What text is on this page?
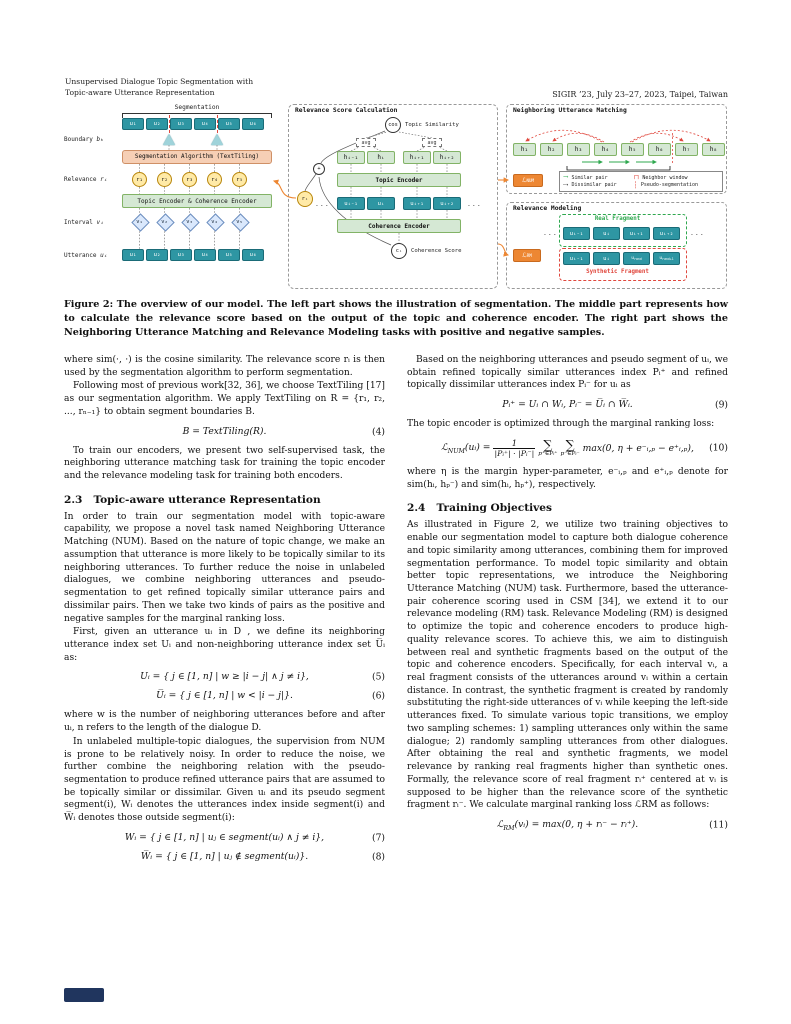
Unsupervised Dialogue Topic Segmentation with
Topic-aware Utterance Representation	SIGIR ’23, July 23–27, 2023, Taipei, Taiwan
Segmentation
u₁	u₂	u₃	u₄	u₅	u₆
Boundary bₖ
Segmentation Algorithm (TextTiling)
Relevance rᵢ	r₁	r₂	r₃	r₄	r₅
Topic Encoder & Coherence Encoder
Interval vᵢ	v₁	v₂	v₃	v₄	v₅
Utterance uᵢ	u₁	u₂	u₃	u₄	u₅	u₆
Relevance Score Calculation
cos	Topic Similarity
avg	avg
hᵢ₋₁	hᵢ	hᵢ₊₁	hᵢ₊₂
Topic Encoder
...	uᵢ₋₁	uᵢ	uᵢ₊₁	uᵢ₊₂	...
Coherence Encoder
cᵢ	Coherence Score
+
rᵢ
Neighboring Utterance Matching
h₁	h₂	h₃	h₄	h₅	h₆	h₇	h₈
→ Similar pair	⊓ Neighbor window
⇢ Dissimilar pair	┆ Pseudo-segmentation
ℒ NUM
Relevance Modeling
Real Fragment
...	uᵢ₋₁	uᵢ	uᵢ₊₁	uᵢ₊₂	...
uᵢ₋₁	uᵢ	u rand	u rand+1
Synthetic Fragment
ℒ RM
Figure 2: The overview of our model. The left part shows the illustration of segmentation. The middle part represents how to calculate the relevance score based on the output of the topic and coherence encoder. The right part shows the Neighboring Utterance Matching and Relevance Modeling tasks with positive and negative samples.

where sim(·, ·) is the cosine similarity. The relevance score rᵢ is then used by the segmentation algorithm to perform segmentation.

Following most of previous work[32, 36], we choose TextTiling [17] as our segmentation algorithm. We apply TextTiling on R = {r₁, r₂, ..., rₙ₋₁} to obtain segment boundaries B.

B = TextTiling(R).	(4)

To train our encoders, we present two self-supervised task, the neighboring utterance matching task for training the topic encoder and the relevance modeling task for training both encoders.

2.3 Topic-aware utterance Representation

In order to train our segmentation model with topic-aware capability, we propose a novel task named Neighboring Utterance Matching (NUM). Based on the nature of topic change, we make an assumption that utterance is more likely to be topically similar to its neighboring utterances. To further reduce the noise in unlabeled dialogues, we combine neighboring utterances and pseudo-segmentation to get refined topically similar utterance pairs and dissimilar pairs. Then we take two kinds of pairs as the positive and negative samples for the marginal ranking loss.

First, given an utterance uᵢ in D , we define its neighboring utterance index set Uᵢ and non-neighboring utterance index set U̅ᵢ as:

Uᵢ = { j ∈ [1, n] | w ≥ |i − j| ∧ j ≠ i},	(5)
U̅ᵢ = { j ∈ [1, n] | w < |i − j|}.	(6)

where w is the number of neighboring utterances before and after uᵢ, n refers to the length of the dialogue D.

In unlabeled multiple-topic dialogues, the supervision from NUM is prone to be relatively noisy. In order to reduce the noise, we further combine the neighboring relation with the pseudo-segmentation to produce refined utterance pairs that are assumed to be topically similar or dissimilar. Given uᵢ and its pseudo segment segment(i), Wᵢ denotes the utterances index inside segment(i) and W̅ᵢ denotes those outside segment(i):

Wᵢ = { j ∈ [1, n] | uⱼ ∈ segment(uᵢ) ∧ j ≠ i},	(7)
W̅ᵢ = { j ∈ [1, n] | uⱼ ∉ segment(uᵢ)}.	(8)

Based on the neighboring utterances and pseudo segment of uᵢ, we obtain refined topically similar utterances index Pᵢ⁺ and refined topically dissimilar utterances index Pᵢ⁻ for uᵢ as

Pᵢ⁺ = Uᵢ ∩ Wᵢ, Pᵢ⁻ = U̅ᵢ ∩ W̅ᵢ.	(9)

The topic encoder is optimized through the marginal ranking loss:

ℒ$_{NUM}$(uᵢ) = $\frac{1}{\text{|Pᵢ⁺| · |Pᵢ⁻|}}$ ∑
p⁺∈Pᵢ⁺
∑
p⁻∈Pᵢ⁻
max(0, η + e⁻ᵢ,ₚ − e⁺ᵢ,ₚ), (10)

where η is the margin hyper-parameter, e⁻ᵢ,ₚ and e⁺ᵢ,ₚ denote for sim(hᵢ, hₚ⁻) and sim(hᵢ, hₚ⁺), respectively.

2.4 Training Objectives

As illustrated in Figure 2, we utilize two training objectives to enable our segmentation model to capture both dialogue coherence and topic similarity among utterances, combining them for improved segmentation performance. To model topic similarity and obtain better topic representations, we introduce the Neighboring Utterance Matching (NUM) task. Furthermore, based the utterance-pair coherence scoring used in CSM [34], we extend it to our relevance modeling (RM) task. Relevance Modeling (RM) is designed to optimize the topic and coherence encoders to produce high-quality relevance scores. To achieve this, we aim to distinguish between real and synthetic fragments based on the output of the topic and coherence encoders. Specifically, for each interval vᵢ, a real fragment consists of the utterances around vᵢ within a certain distance. In contrast, the synthetic fragment is created by randomly substituting the right-side utterances of vᵢ while keeping the left-side utterances fixed. To simulate various topic transitions, we employ two sampling schemes: 1) sampling utterances only within the same dialogue; 2) randomly sampling utterances from other dialogues. After obtaining the real and synthetic fragments, we model relevance by ranking real fragments higher than synthetic ones. Formally, the relevance score of real fragment rᵢ⁺ centered at vᵢ is supposed to be higher than the relevance score of the synthetic fragment rᵢ⁻. We calculate marginal ranking loss ℒRM as follows:

ℒ$_{RM}$(vᵢ) = max(0, η + rᵢ⁻ − rᵢ⁺).	(11)
